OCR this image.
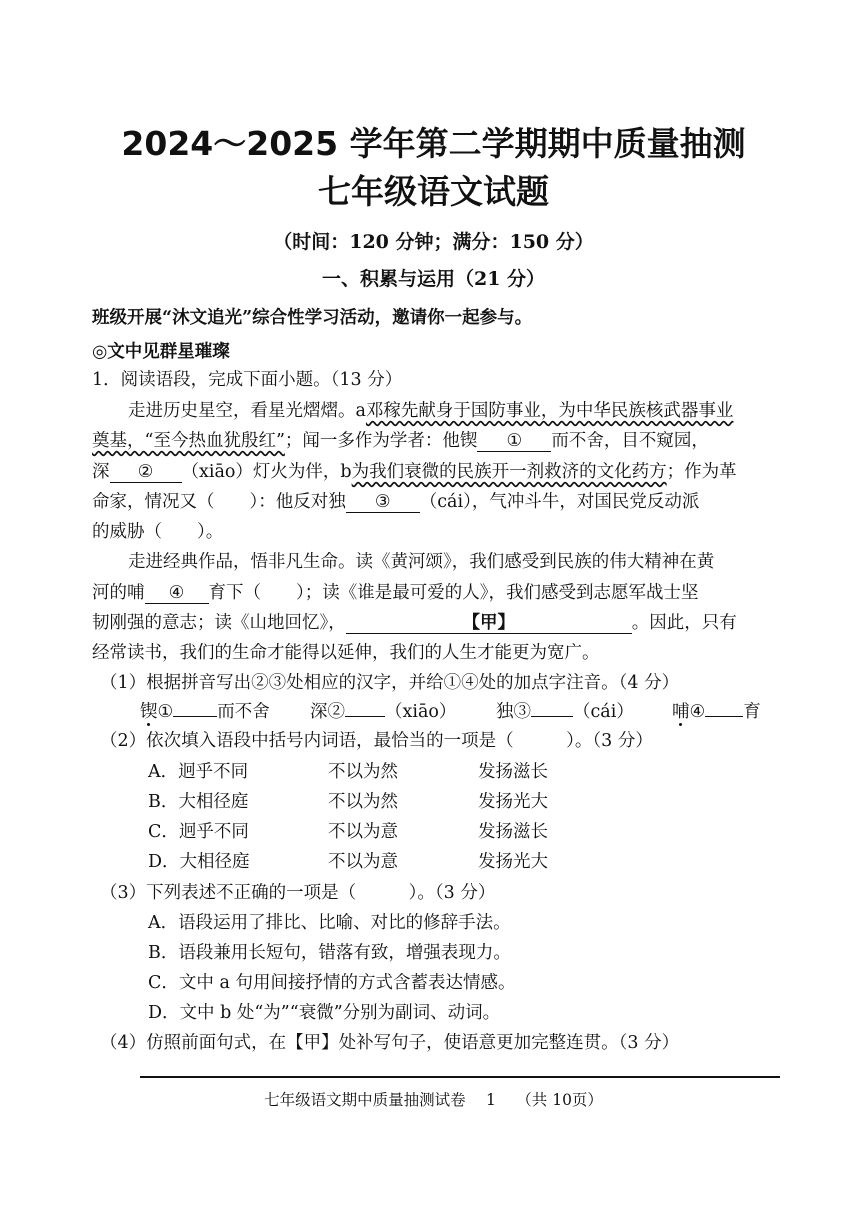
2024～2025 学年第二学期期中质量抽测
七年级语文试题
（时间：120 分钟；满分：150 分）
一、积累与运用（21 分）
班级开展“沐文追光”综合性学习活动，邀请你一起参与。
◎文中见群星璀璨
1．阅读语段，完成下面小题。（13 分）
走进历史星空，看星光熠熠。a邓稼先献身于国防事业，为中华民族核武器事业
奠基，“至今热血犹殷红”；闻一多作为学者：他锲 ① 而不舍，目不窥园，
深 ② （xiāo）灯火为伴，b为我们衰微的民族开一剂救济的文化药方；作为革
命家，情况又（　　）：他反对独 ③ （cái），气冲斗牛，对国民党反动派
的威胁（　　）。
走进经典作品，悟非凡生命。读《黄河颂》，我们感受到民族的伟大精神在黄
河的哺 ④ 育下（　　）；读《谁是最可爱的人》，我们感受到志愿军战士坚
韧刚强的意志；读《山地回忆》，	【甲】	。因此，只有
经常读书，我们的生命才能得以延伸，我们的人生才能更为宽广。
（1）根据拼音写出②③处相应的汉字，并给①④处的加点字注音。（4 分）
锲①	而不舍 深② （xiāo） 独③ （cái） 哺④ 育
（2）依次填入语段中括号内词语，最恰当的一项是（　　　）。（3 分）
A．迥乎不同	不以为然	发扬滋长
B．大相径庭	不以为然	发扬光大
C．迥乎不同	不以为意	发扬滋长
D．大相径庭	不以为意	发扬光大
（3）下列表述不正确的一项是（　　　）。（3 分）
A．语段运用了排比、比喻、对比的修辞手法。
B．语段兼用长短句，错落有致，增强表现力。
C．文中 a 句用间接抒情的方式含蓄表达情感。
D．文中 b 处“为”“衰微”分别为副词、动词。
（4）仿照前面句式，在【甲】处补写句子，使语意更加完整连贯。（3 分）
七年级语文期中质量抽测试卷　 1　 （共 10页）
